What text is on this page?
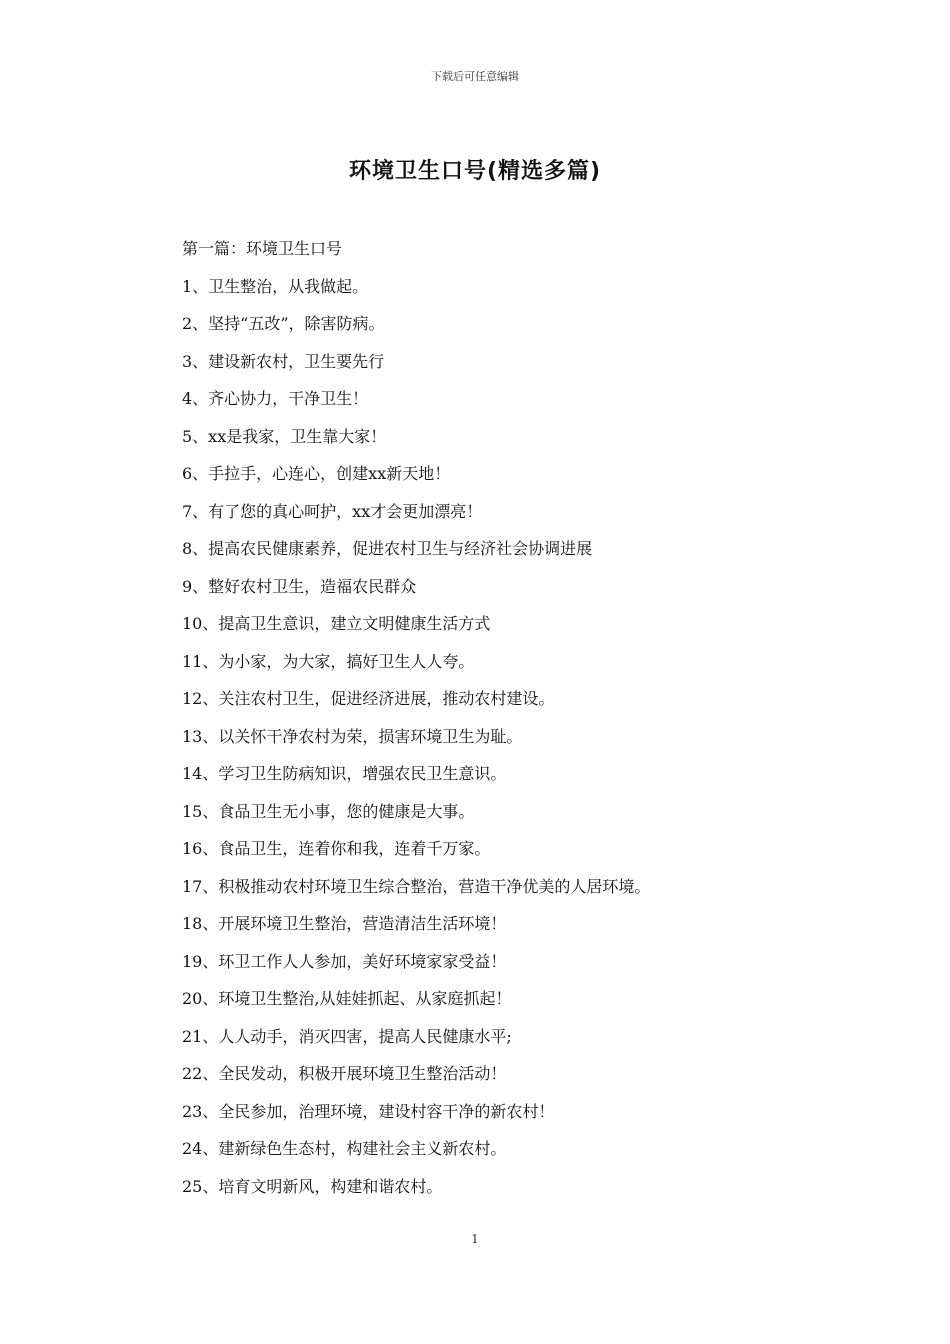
下载后可任意编辑
环境卫生口号(精选多篇)
第一篇：环境卫生口号
1、卫生整治，从我做起。
2、坚持“五改”，除害防病。
3、建设新农村，卫生要先行
4、齐心协力，干净卫生！
5、xx是我家，卫生靠大家！
6、手拉手，心连心，创建xx新天地！
7、有了您的真心呵护，xx才会更加漂亮！
8、提高农民健康素养，促进农村卫生与经济社会协调进展
9、整好农村卫生，造福农民群众
10、提高卫生意识，建立文明健康生活方式
11、为小家，为大家，搞好卫生人人夸。
12、关注农村卫生，促进经济进展，推动农村建设。
13、以关怀干净农村为荣，损害环境卫生为耻。
14、学习卫生防病知识，增强农民卫生意识。
15、食品卫生无小事，您的健康是大事。
16、食品卫生，连着你和我，连着千万家。
17、积极推动农村环境卫生综合整治，营造干净优美的人居环境。
18、开展环境卫生整治，营造清洁生活环境！
19、环卫工作人人参加，美好环境家家受益！
20、环境卫生整治,从娃娃抓起、从家庭抓起！
21、人人动手，消灭四害，提高人民健康水平;
22、全民发动，积极开展环境卫生整治活动！
23、全民参加，治理环境，建设村容干净的新农村！
24、建新绿色生态村，构建社会主义新农村。
25、培育文明新风，构建和谐农村。
1
